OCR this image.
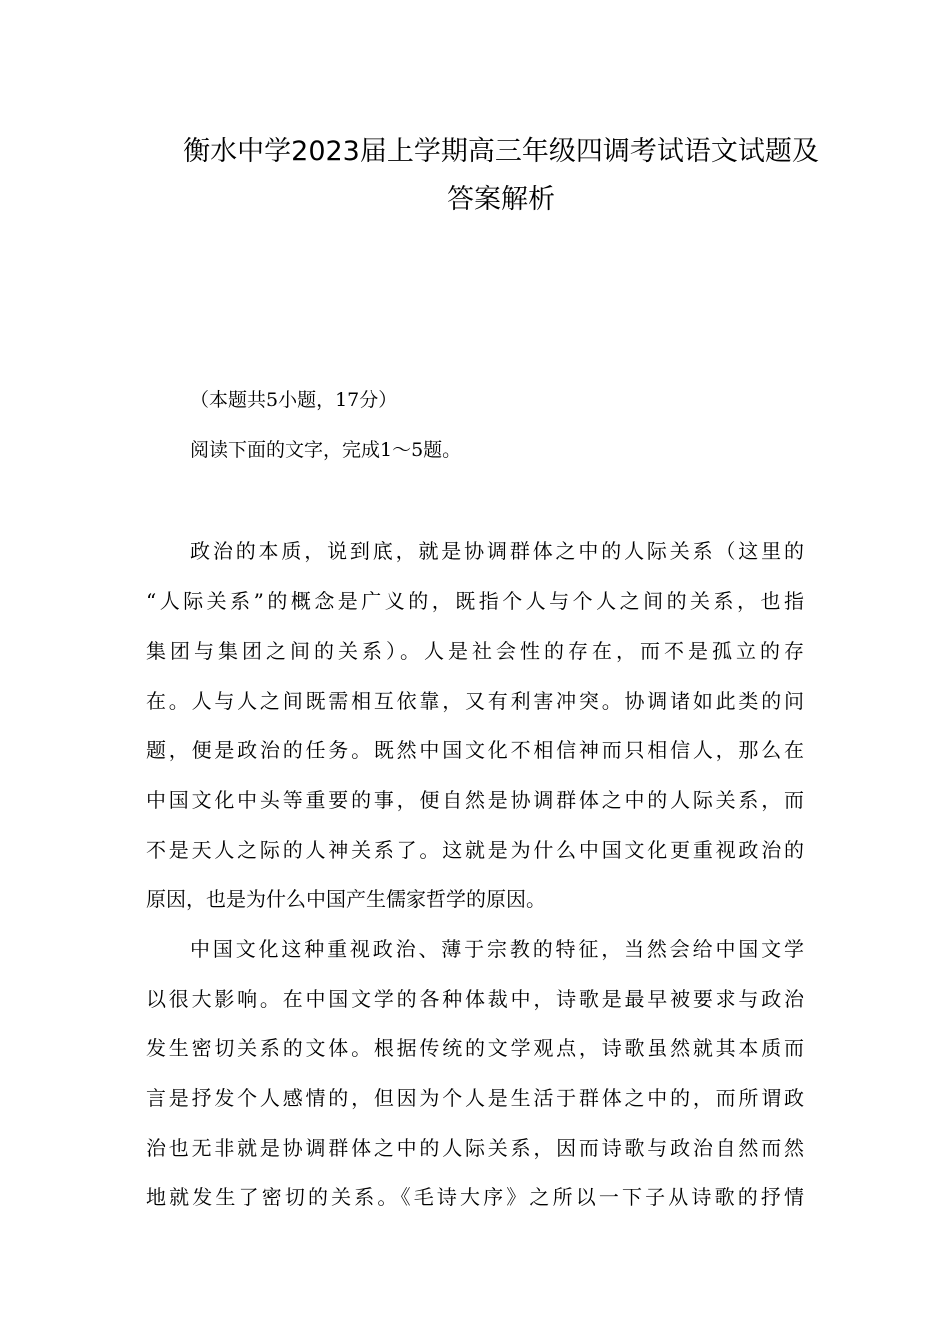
衡水中学2023届上学期高三年级四调考试语文试题及
答案解析
（本题共5小题，17分）
阅读下面的文字，完成1～5题。
政治的本质，说到底，就是协调群体之中的人际关系（这里的
“人际关系”的概念是广义的，既指个人与个人之间的关系，也指
集团与集团之间的关系）。人是社会性的存在，而不是孤立的存
在。人与人之间既需相互依靠，又有利害冲突。协调诸如此类的问
题，便是政治的任务。既然中国文化不相信神而只相信人，那么在
中国文化中头等重要的事，便自然是协调群体之中的人际关系，而
不是天人之际的人神关系了。这就是为什么中国文化更重视政治的
原因，也是为什么中国产生儒家哲学的原因。
中国文化这种重视政治、薄于宗教的特征，当然会给中国文学
以很大影响。在中国文学的各种体裁中，诗歌是最早被要求与政治
发生密切关系的文体。根据传统的文学观点，诗歌虽然就其本质而
言是抒发个人感情的，但因为个人是生活于群体之中的，而所谓政
治也无非就是协调群体之中的人际关系，因而诗歌与政治自然而然
地就发生了密切的关系。《毛诗大序》之所以一下子从诗歌的抒情
